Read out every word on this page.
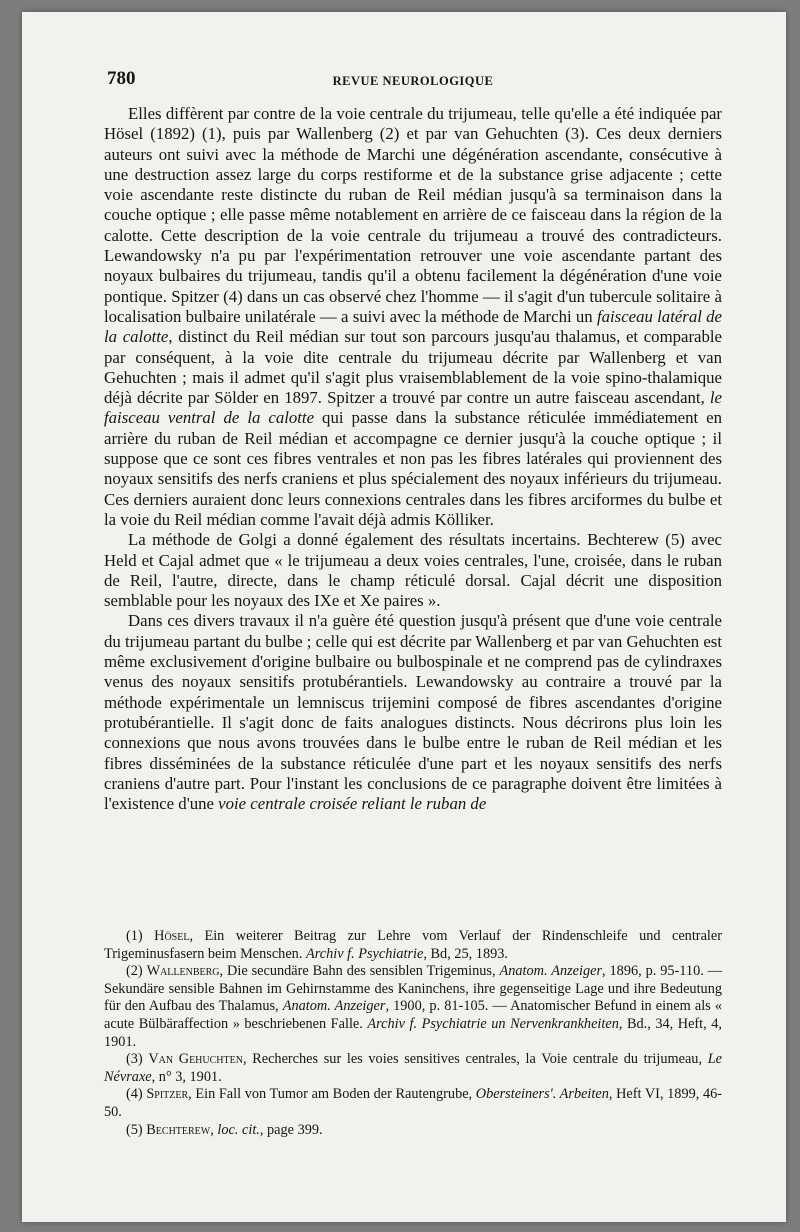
780	REVUE NEUROLOGIQUE

Elles diffèrent par contre de la voie centrale du trijumeau, telle qu'elle a été indiquée par Hösel (1892) (1), puis par Wallenberg (2) et par van Gehuchten (3). Ces deux derniers auteurs ont suivi avec la méthode de Marchi une dégénération ascendante, consécutive à une destruction assez large du corps restiforme et de la substance grise adjacente ; cette voie ascendante reste distincte du ruban de Reil médian jusqu'à sa terminaison dans la couche optique ; elle passe même notablement en arrière de ce faisceau dans la région de la calotte. Cette description de la voie centrale du trijumeau a trouvé des contradicteurs. Lewandowsky n'a pu par l'expérimentation retrouver une voie ascendante partant des noyaux bulbaires du trijumeau, tandis qu'il a obtenu facilement la dégénération d'une voie pontique. Spitzer (4) dans un cas observé chez l'homme — il s'agit d'un tubercule solitaire à localisation bulbaire unilatérale — a suivi avec la méthode de Marchi un faisceau latéral de la calotte, distinct du Reil médian sur tout son parcours jusqu'au thalamus, et comparable par conséquent, à la voie dite centrale du trijumeau décrite par Wallenberg et van Gehuchten ; mais il admet qu'il s'agit plus vraisemblablement de la voie spino-thalamique déjà décrite par Sölder en 1897. Spitzer a trouvé par contre un autre faisceau ascendant, le faisceau ventral de la calotte qui passe dans la substance réticulée immédiatement en arrière du ruban de Reil médian et accompagne ce dernier jusqu'à la couche optique ; il suppose que ce sont ces fibres ventrales et non pas les fibres latérales qui proviennent des noyaux sensitifs des nerfs craniens et plus spécialement des noyaux inférieurs du trijumeau. Ces derniers auraient donc leurs connexions centrales dans les fibres arciformes du bulbe et la voie du Reil médian comme l'avait déjà admis Kölliker.

La méthode de Golgi a donné également des résultats incertains. Bechterew (5) avec Held et Cajal admet que « le trijumeau a deux voies centrales, l'une, croisée, dans le ruban de Reil, l'autre, directe, dans le champ réticulé dorsal. Cajal décrit une disposition semblable pour les noyaux des IXe et Xe paires ».

Dans ces divers travaux il n'a guère été question jusqu'à présent que d'une voie centrale du trijumeau partant du bulbe ; celle qui est décrite par Wallenberg et par van Gehuchten est même exclusivement d'origine bulbaire ou bulbospinale et ne comprend pas de cylindraxes venus des noyaux sensitifs protubérantiels. Lewandowsky au contraire a trouvé par la méthode expérimentale un lemniscus trijemini composé de fibres ascendantes d'origine protubérantielle. Il s'agit donc de faits analogues distincts. Nous décrirons plus loin les connexions que nous avons trouvées dans le bulbe entre le ruban de Reil médian et les fibres disséminées de la substance réticulée d'une part et les noyaux sensitifs des nerfs craniens d'autre part. Pour l'instant les conclusions de ce paragraphe doivent être limitées à l'existence d'une voie centrale croisée reliant le ruban de

(1) Hösel, Ein weiterer Beitrag zur Lehre vom Verlauf der Rindenschleife und centraler Trigeminusfasern beim Menschen. Archiv f. Psychiatrie, Bd, 25, 1893.

(2) Wallenberg, Die secundäre Bahn des sensiblen Trigeminus, Anatom. Anzeiger, 1896, p. 95-110. — Sekundäre sensible Bahnen im Gehirnstamme des Kaninchens, ihre gegenseitige Lage und ihre Bedeutung für den Aufbau des Thalamus, Anatom. Anzeiger, 1900, p. 81-105. — Anatomischer Befund in einem als « acute Bülbäraffection » beschriebenen Falle. Archiv f. Psychiatrie un Nervenkrankheiten, Bd., 34, Heft, 4, 1901.

(3) Van Gehuchten, Recherches sur les voies sensitives centrales, la Voie centrale du trijumeau, Le Névraxe, n° 3, 1901.

(4) Spitzer, Ein Fall von Tumor am Boden der Rautengrube, Obersteiners'. Arbeiten, Heft VI, 1899, 46-50.

(5) Bechterew, loc. cit., page 399.
